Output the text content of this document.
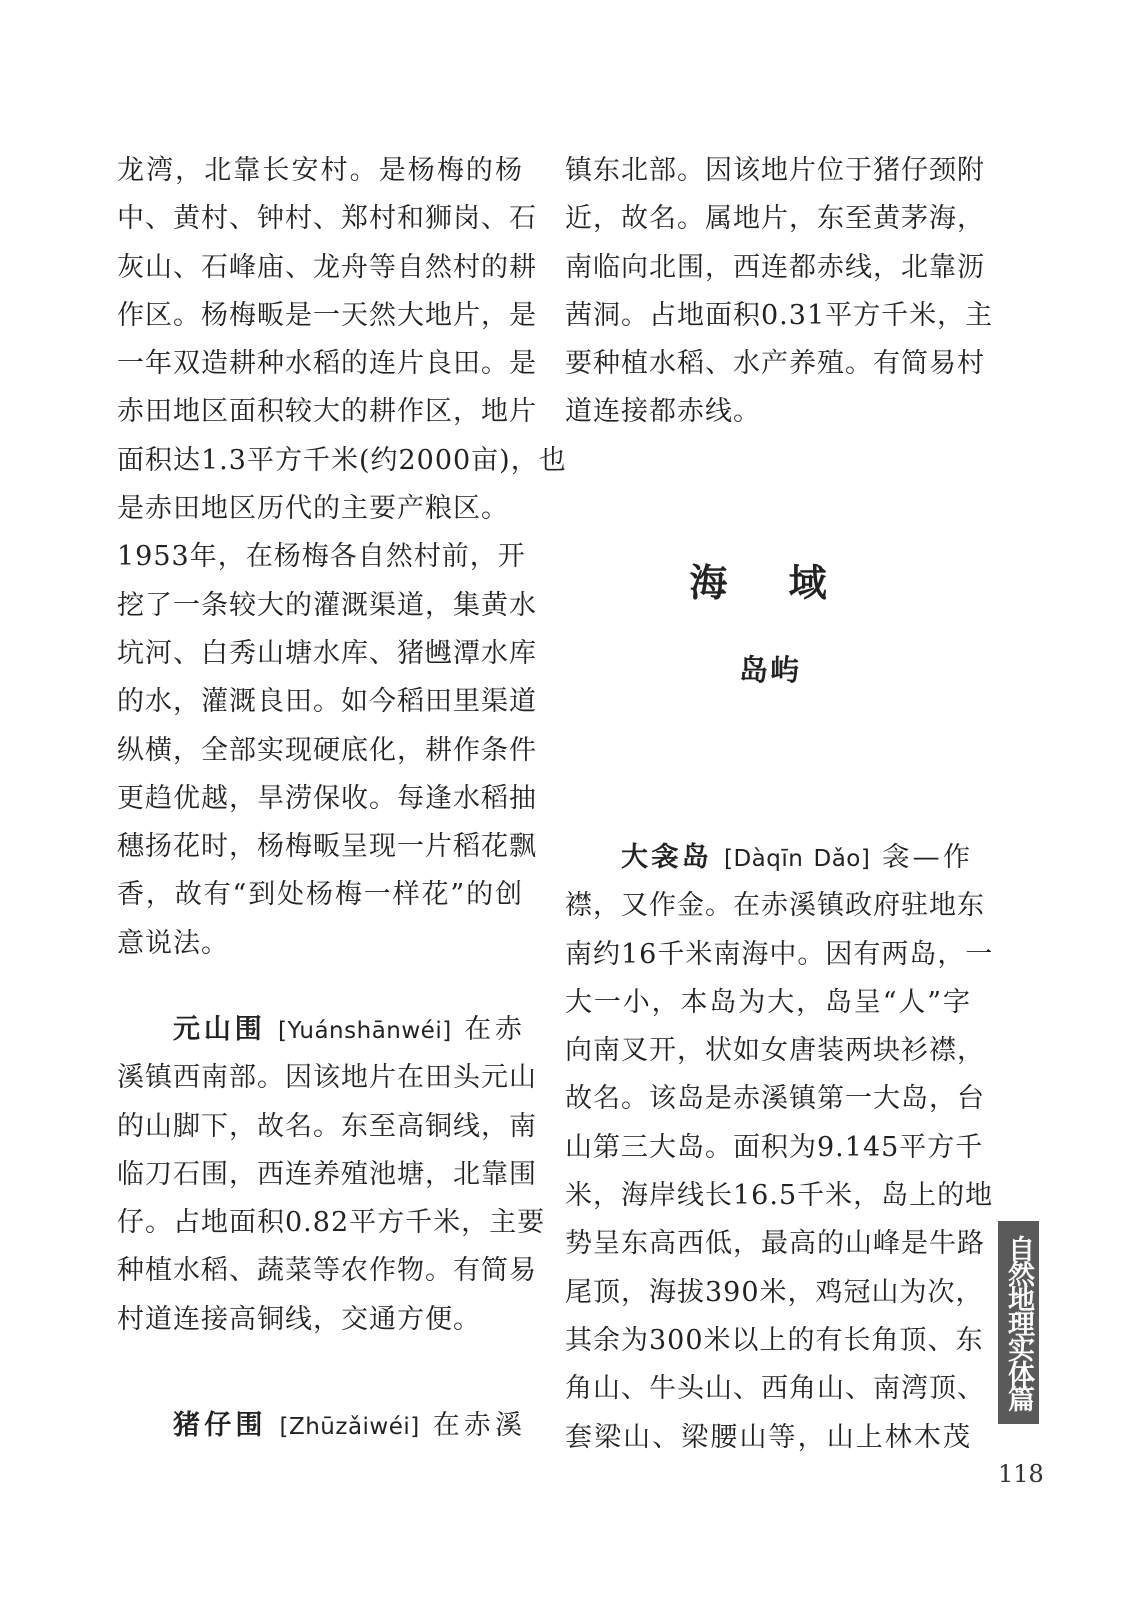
龙湾，北靠长安村。是杨梅的杨
中、黄村、钟村、郑村和狮岗、石
灰山、石峰庙、龙舟等自然村的耕
作区。杨梅畈是一天然大地片，是
一年双造耕种水稻的连片良田。是
赤田地区面积较大的耕作区，地片
面积达1.3平方千米(约2000亩)，也
是赤田地区历代的主要产粮区。
1953年，在杨梅各自然村前，开
挖了一条较大的灌溉渠道，集黄水
坑河、白秀山塘水库、猪乸潭水库
的水，灌溉良田。如今稻田里渠道
纵横，全部实现硬底化，耕作条件
更趋优越，旱涝保收。每逢水稻抽
穗扬花时，杨梅畈呈现一片稻花飘
香，故有“到处杨梅一样花”的创
意说法。

元山围 [Yuánshānwéi] 在赤
溪镇西南部。因该地片在田头元山
的山脚下，故名。东至高铜线，南
临刀石围，西连养殖池塘，北靠围
仔。占地面积0.82平方千米，主要
种植水稻、蔬菜等农作物。有简易
村道连接高铜线，交通方便。

猪仔围 [Zhūzǎiwéi] 在赤溪

镇东北部。因该地片位于猪仔颈附
近，故名。属地片，东至黄茅海，
南临向北围，西连都赤线，北靠沥
茜洞。占地面积0.31平方千米，主
要种植水稻、水产养殖。有简易村
道连接都赤线。

海 域
岛屿

大衾岛 [Dàqīn Dǎo] 衾—作
襟，又作金。在赤溪镇政府驻地东
南约16千米南海中。因有两岛，一
大一小，本岛为大，岛呈“人”字
向南叉开，状如女唐装两块衫襟，
故名。该岛是赤溪镇第一大岛，台
山第三大岛。面积为9.145平方千
米，海岸线长16.5千米，岛上的地
势呈东高西低，最高的山峰是牛路
尾顶，海拔390米，鸡冠山为次，
其余为300米以上的有长角顶、东
角山、牛头山、西角山、南湾顶、
套梁山、梁腰山等，山上林木茂

自然地理实体篇
118
